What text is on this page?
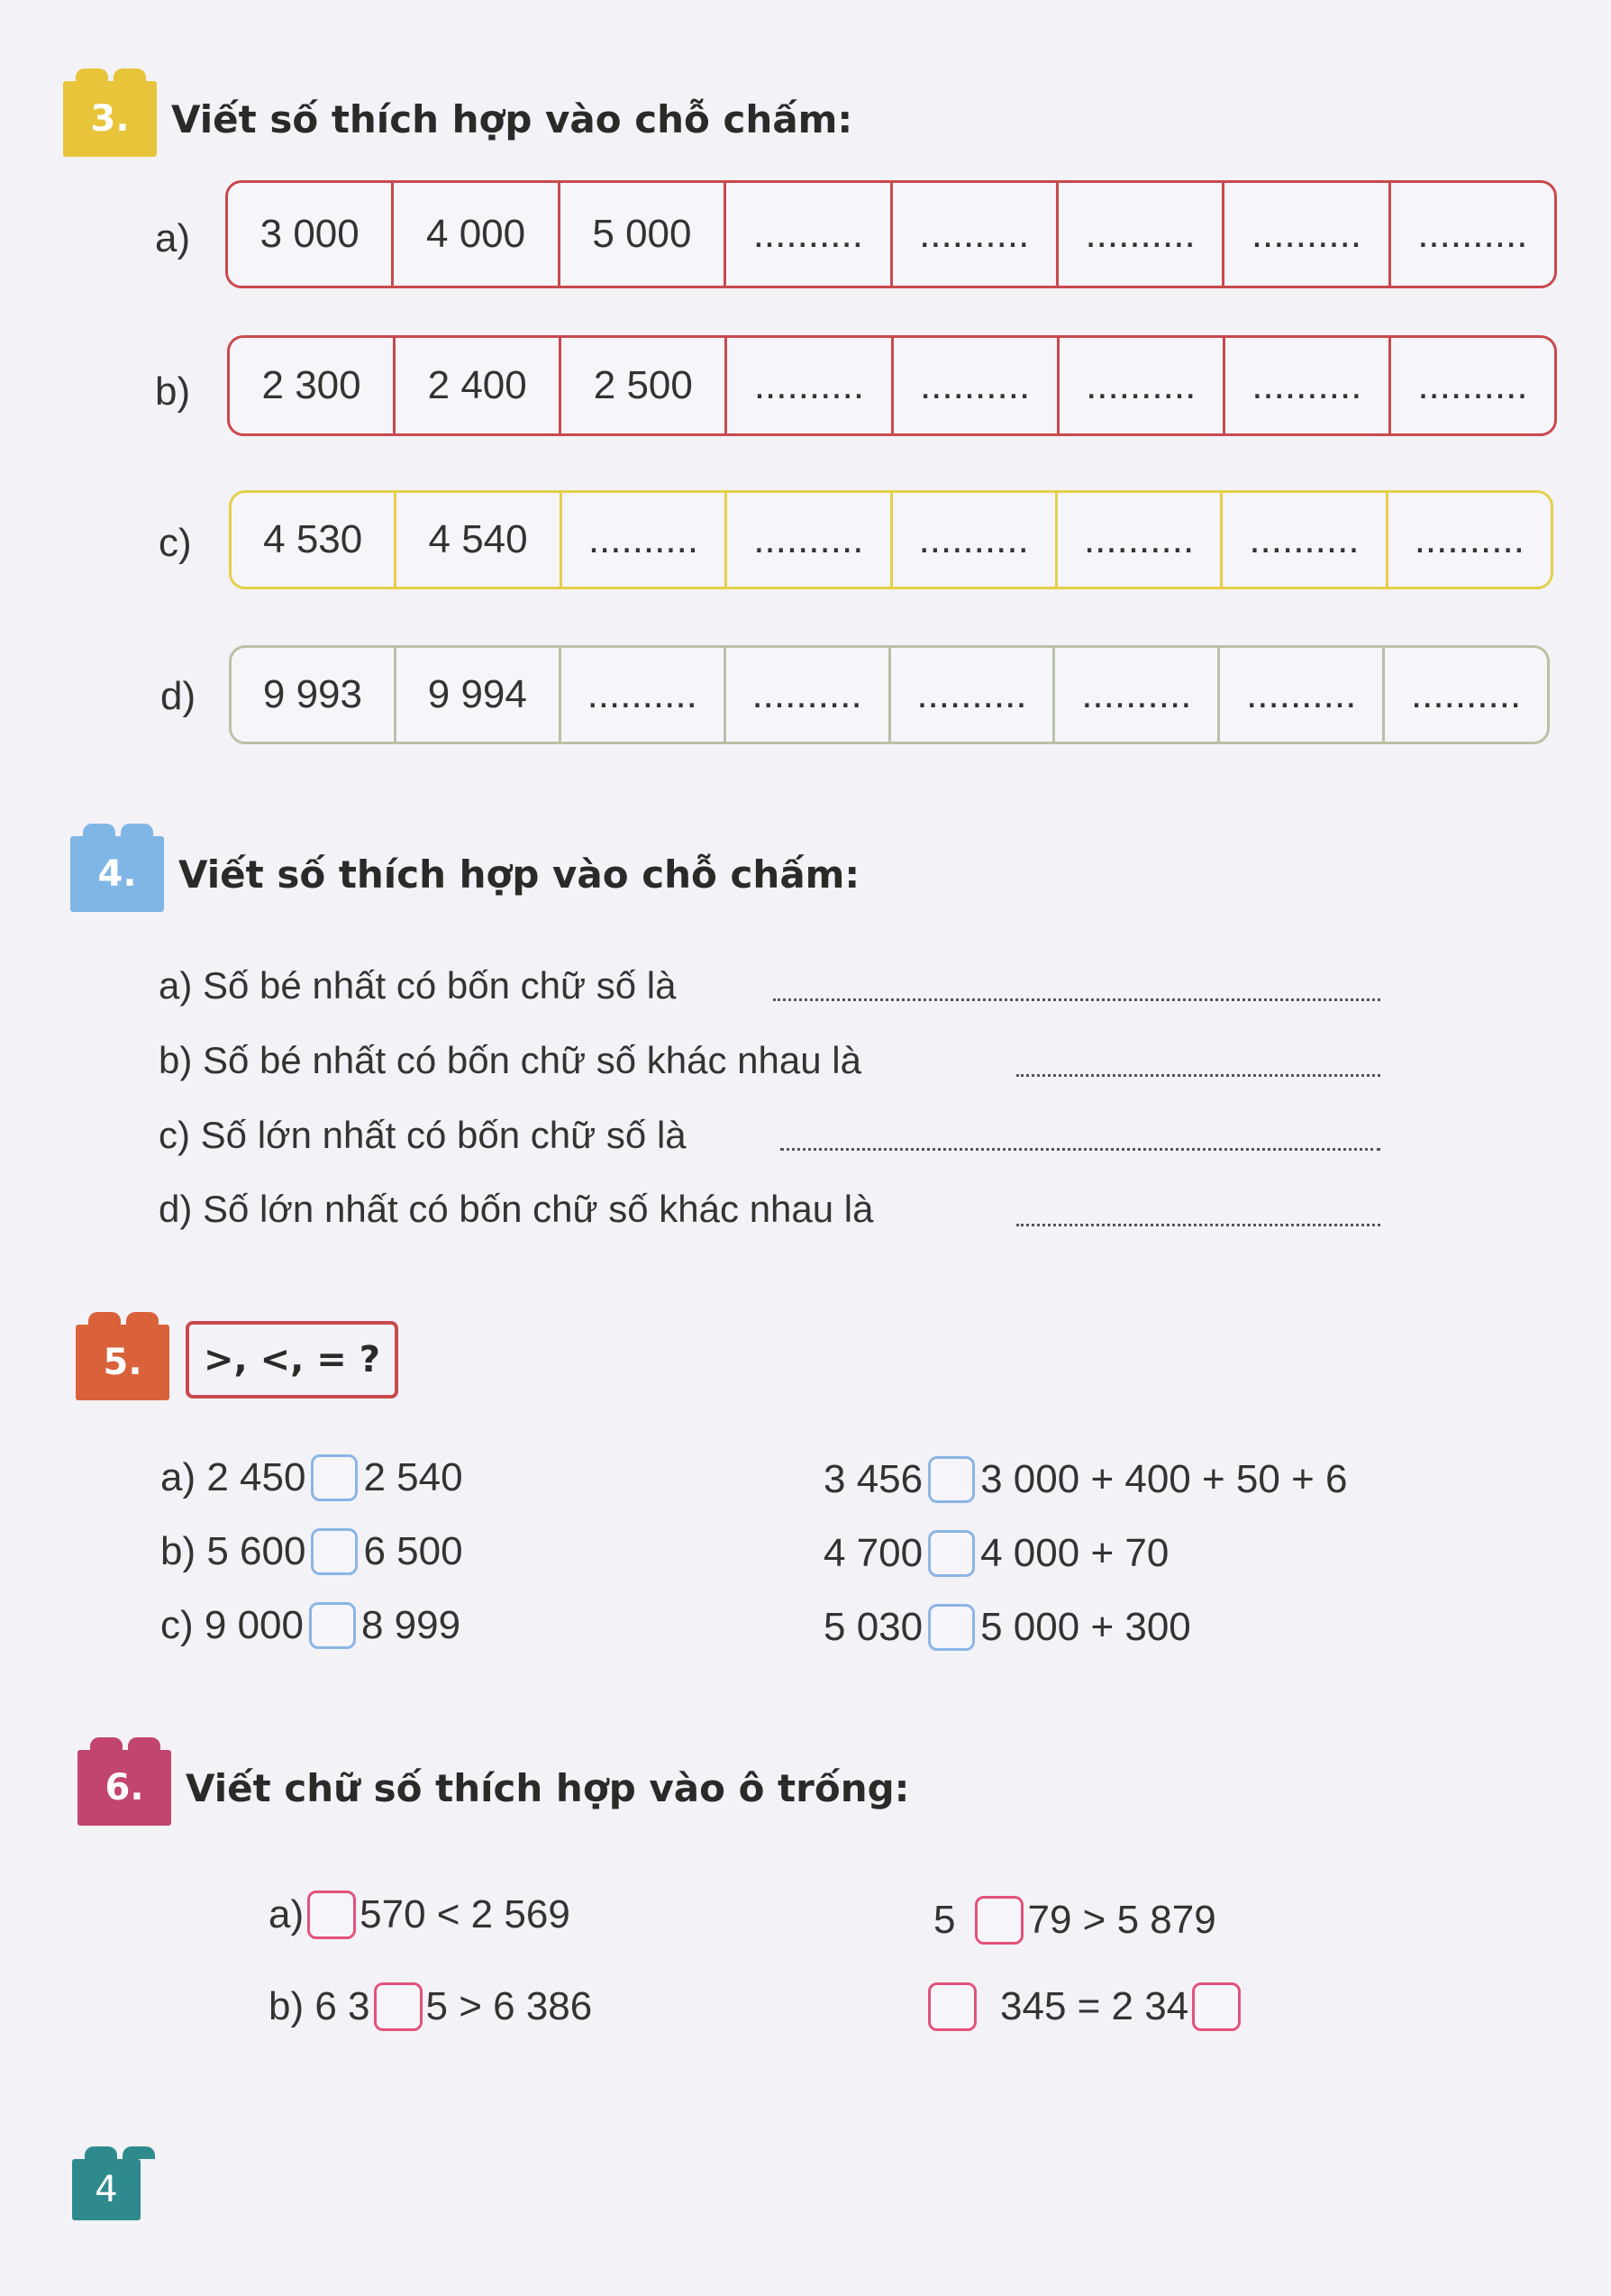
3.	Viết số thích hợp vào chỗ chấm:
a)	3 000	4 000	5 000	..........	..........	..........	..........	..........
b)	2 300	2 400	2 500	..........	..........	..........	..........	..........
c)	4 530	4 540	..........	..........	..........	..........	..........	..........
d)	9 993	9 994	..........	..........	..........	..........	..........	..........
4.	Viết số thích hợp vào chỗ chấm:
a) Số bé nhất có bốn chữ số là
b) Số bé nhất có bốn chữ số khác nhau là
c) Số lớn nhất có bốn chữ số là
d) Số lớn nhất có bốn chữ số khác nhau là
5.	>, <, = ?
a) 2 450 2 540
b) 5 600 6 500
c) 9 000 8 999
3 456 3 000 + 400 + 50 + 6
4 700 4 000 + 70
5 030 5 000 + 300
6.	Viết chữ số thích hợp vào ô trống:
a) 570 < 2 569
b) 6 3 5 > 6 386
5 79 > 5 879
345 = 2 34
4
